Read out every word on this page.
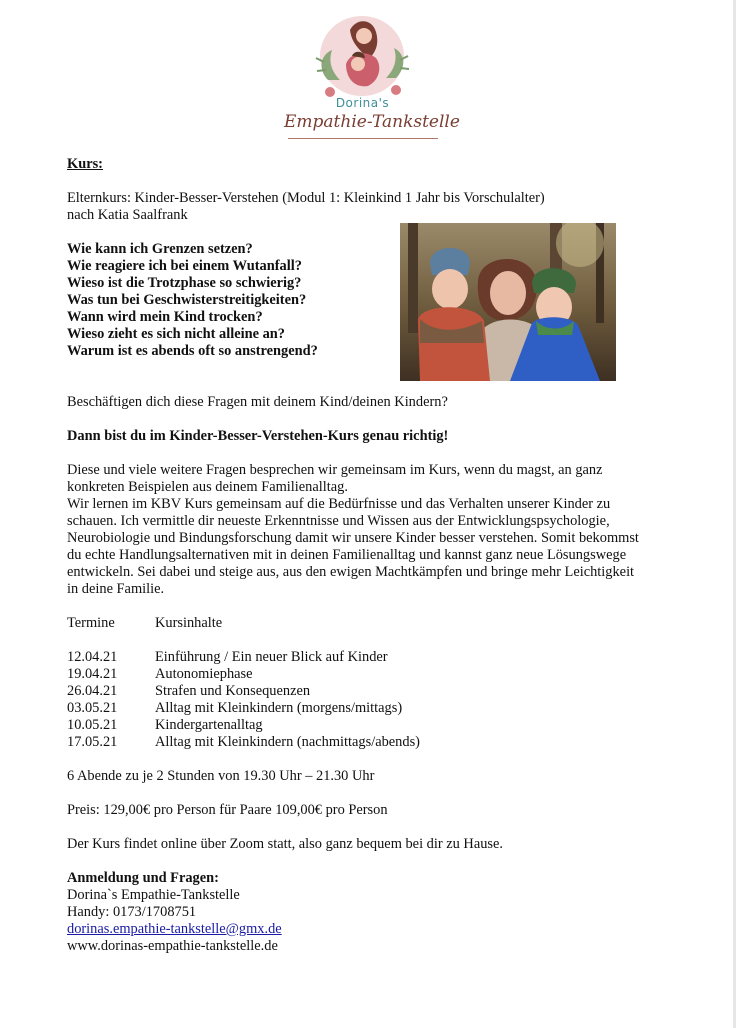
Dorina's
Empathie-Tankstelle

Kurs:

Elternkurs: Kinder-Besser-Verstehen (Modul 1: Kleinkind 1 Jahr bis Vorschulalter)

nach Katia Saalfrank

Wie kann ich Grenzen setzen?

Wie reagiere ich bei einem Wutanfall?

Wieso ist die Trotzphase so schwierig?

Was tun bei Geschwisterstreitigkeiten?

Wann wird mein Kind trocken?

Wieso zieht es sich nicht alleine an?

Warum ist es abends oft so anstrengend?

Beschäftigen dich diese Fragen mit deinem Kind/deinen Kindern?

Dann bist du im Kinder-Besser-Verstehen-Kurs genau richtig!

Diese und viele weitere Fragen besprechen wir gemeinsam im Kurs, wenn du magst, an ganz

konkreten Beispielen aus deinem Familienalltag.

Wir lernen im KBV Kurs gemeinsam auf die Bedürfnisse und das Verhalten unserer Kinder zu

schauen. Ich vermittle dir neueste Erkenntnisse und Wissen aus der Entwicklungspsychologie,

Neurobiologie und Bindungsforschung damit wir unsere Kinder besser verstehen. Somit bekommst

du echte Handlungsalternativen mit in deinen Familienalltag und kannst ganz neue Lösungswege

entwickeln. Sei dabei und steige aus, aus den ewigen Machtkämpfen und bringe mehr Leichtigkeit

in deine Familie.

Termine	Kursinhalte
12.04.21	Einführung / Ein neuer Blick auf Kinder
19.04.21	Autonomiephase
26.04.21	Strafen und Konsequenzen
03.05.21	Alltag mit Kleinkindern (morgens/mittags)
10.05.21	Kindergartenalltag
17.05.21	Alltag mit Kleinkindern (nachmittags/abends)

6 Abende zu je 2 Stunden von 19.30 Uhr – 21.30 Uhr

Preis: 129,00€ pro Person für Paare 109,00€ pro Person

Der Kurs findet online über Zoom statt, also ganz bequem bei dir zu Hause.

Anmeldung und Fragen:

Dorina`s Empathie-Tankstelle

Handy: 0173/1708751

dorinas.empathie-tankstelle@gmx.de

www.dorinas-empathie-tankstelle.de
